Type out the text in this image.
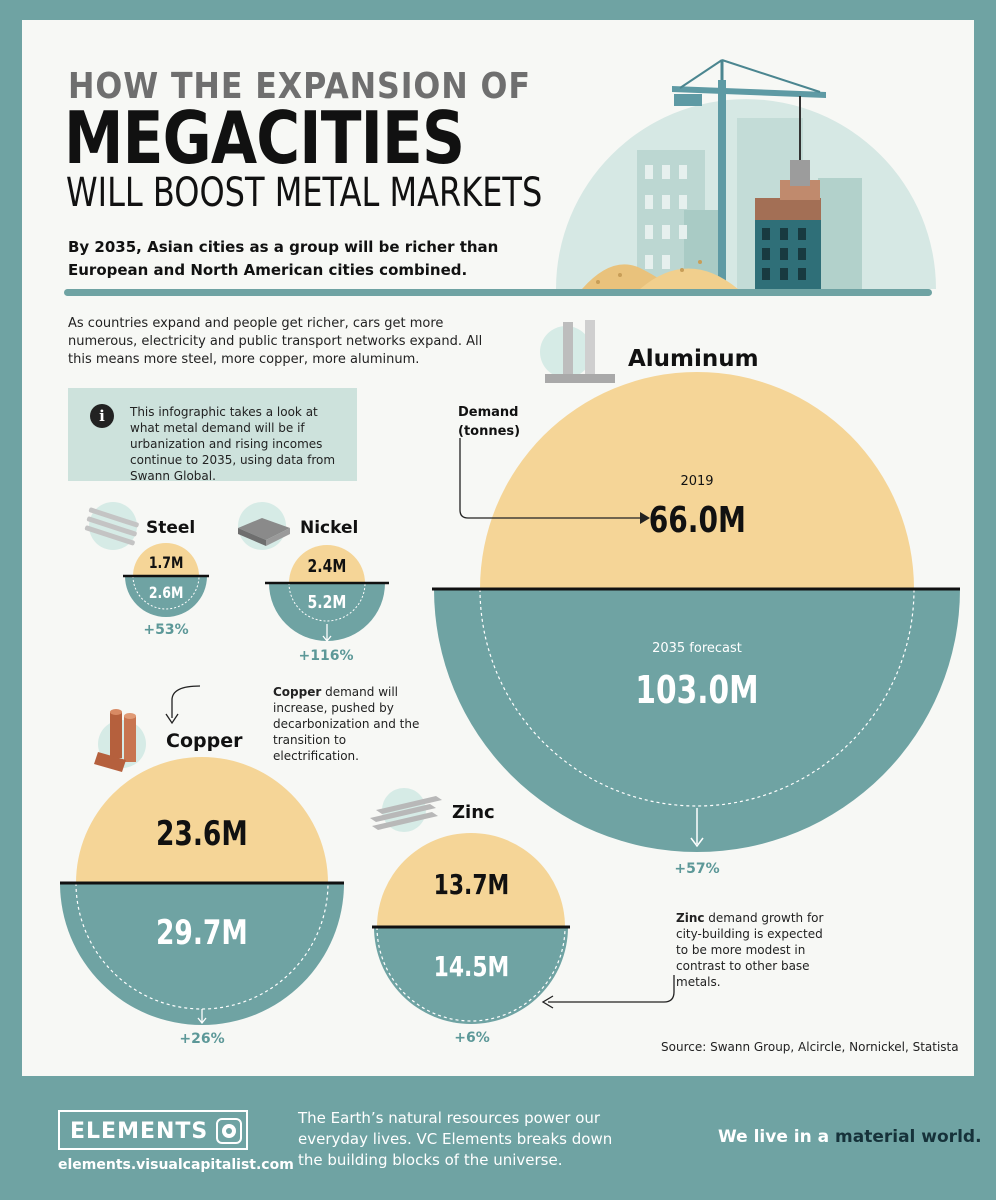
HOW THE EXPANSION OF
MEGACITIES
WILL BOOST METAL MARKETS
By 2035, Asian cities as a group will be richer than European and North American cities combined.
As countries expand and people get richer, cars get more numerous, electricity and public transport networks expand. All this means more steel, more copper, more aluminum.
i	This infographic takes a look at what metal demand will be if urbanization and rising incomes continue to 2035, using data from Swann Global.
Aluminum
Demand (tonnes)
2019
66.0M
2035 forecast
103.0M
+57%
Steel
1.7M
2.6M
+53%
Nickel
2.4M
5.2M
+116%
Copper demand will increase, pushed by decarbonization and the transition to electrification.
Copper
23.6M
29.7M
+26%
Zinc
13.7M
14.5M
+6%
Zinc demand growth for city-building is expected to be more modest in contrast to other base metals.
Source: Swann Group, Alcircle, Nornickel, Statista
ELEMENTS
elements.visualcapitalist.com
The Earth’s natural resources power our everyday lives. VC Elements breaks down the building blocks of the universe.
We live in a material world.
